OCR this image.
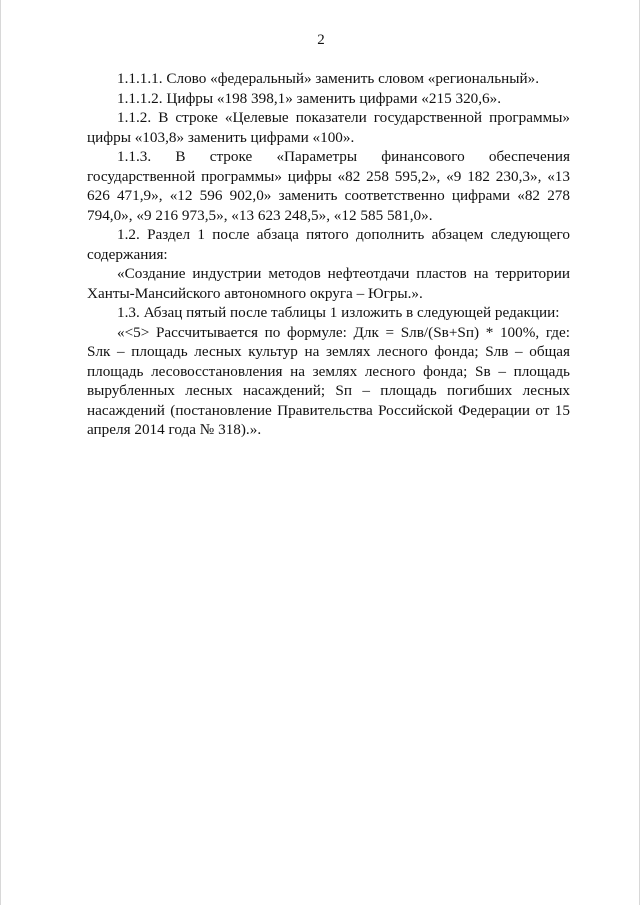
2

1.1.1.1. Слово «федеральный» заменить словом «региональный».

1.1.1.2. Цифры «198 398,1» заменить цифрами «215 320,6».

1.1.2. В строке «Целевые показатели государственной программы» цифры «103,8» заменить цифрами «100».

1.1.3. В строке «Параметры финансового обеспечения государственной программы» цифры «82 258 595,2», «9 182 230,3», «13 626 471,9», «12 596 902,0» заменить соответственно цифрами «82 278 794,0», «9 216 973,5», «13 623 248,5», «12 585 581,0».

1.2. Раздел 1 после абзаца пятого дополнить абзацем следующего содержания:

«Создание индустрии методов нефтеотдачи пластов на территории Ханты-Мансийского автономного округа – Югры.».

1.3. Абзац пятый после таблицы 1 изложить в следующей редакции:

«<5> Рассчитывается по формуле: Длк = Sлв/(Sв+Sп) * 100%, где: Sлк – площадь лесных культур на землях лесного фонда; Sлв – общая площадь лесовосстановления на землях лесного фонда; Sв – площадь вырубленных лесных насаждений; Sп – площадь погибших лесных насаждений (постановление Правительства Российской Федерации от 15 апреля 2014 года № 318).».
